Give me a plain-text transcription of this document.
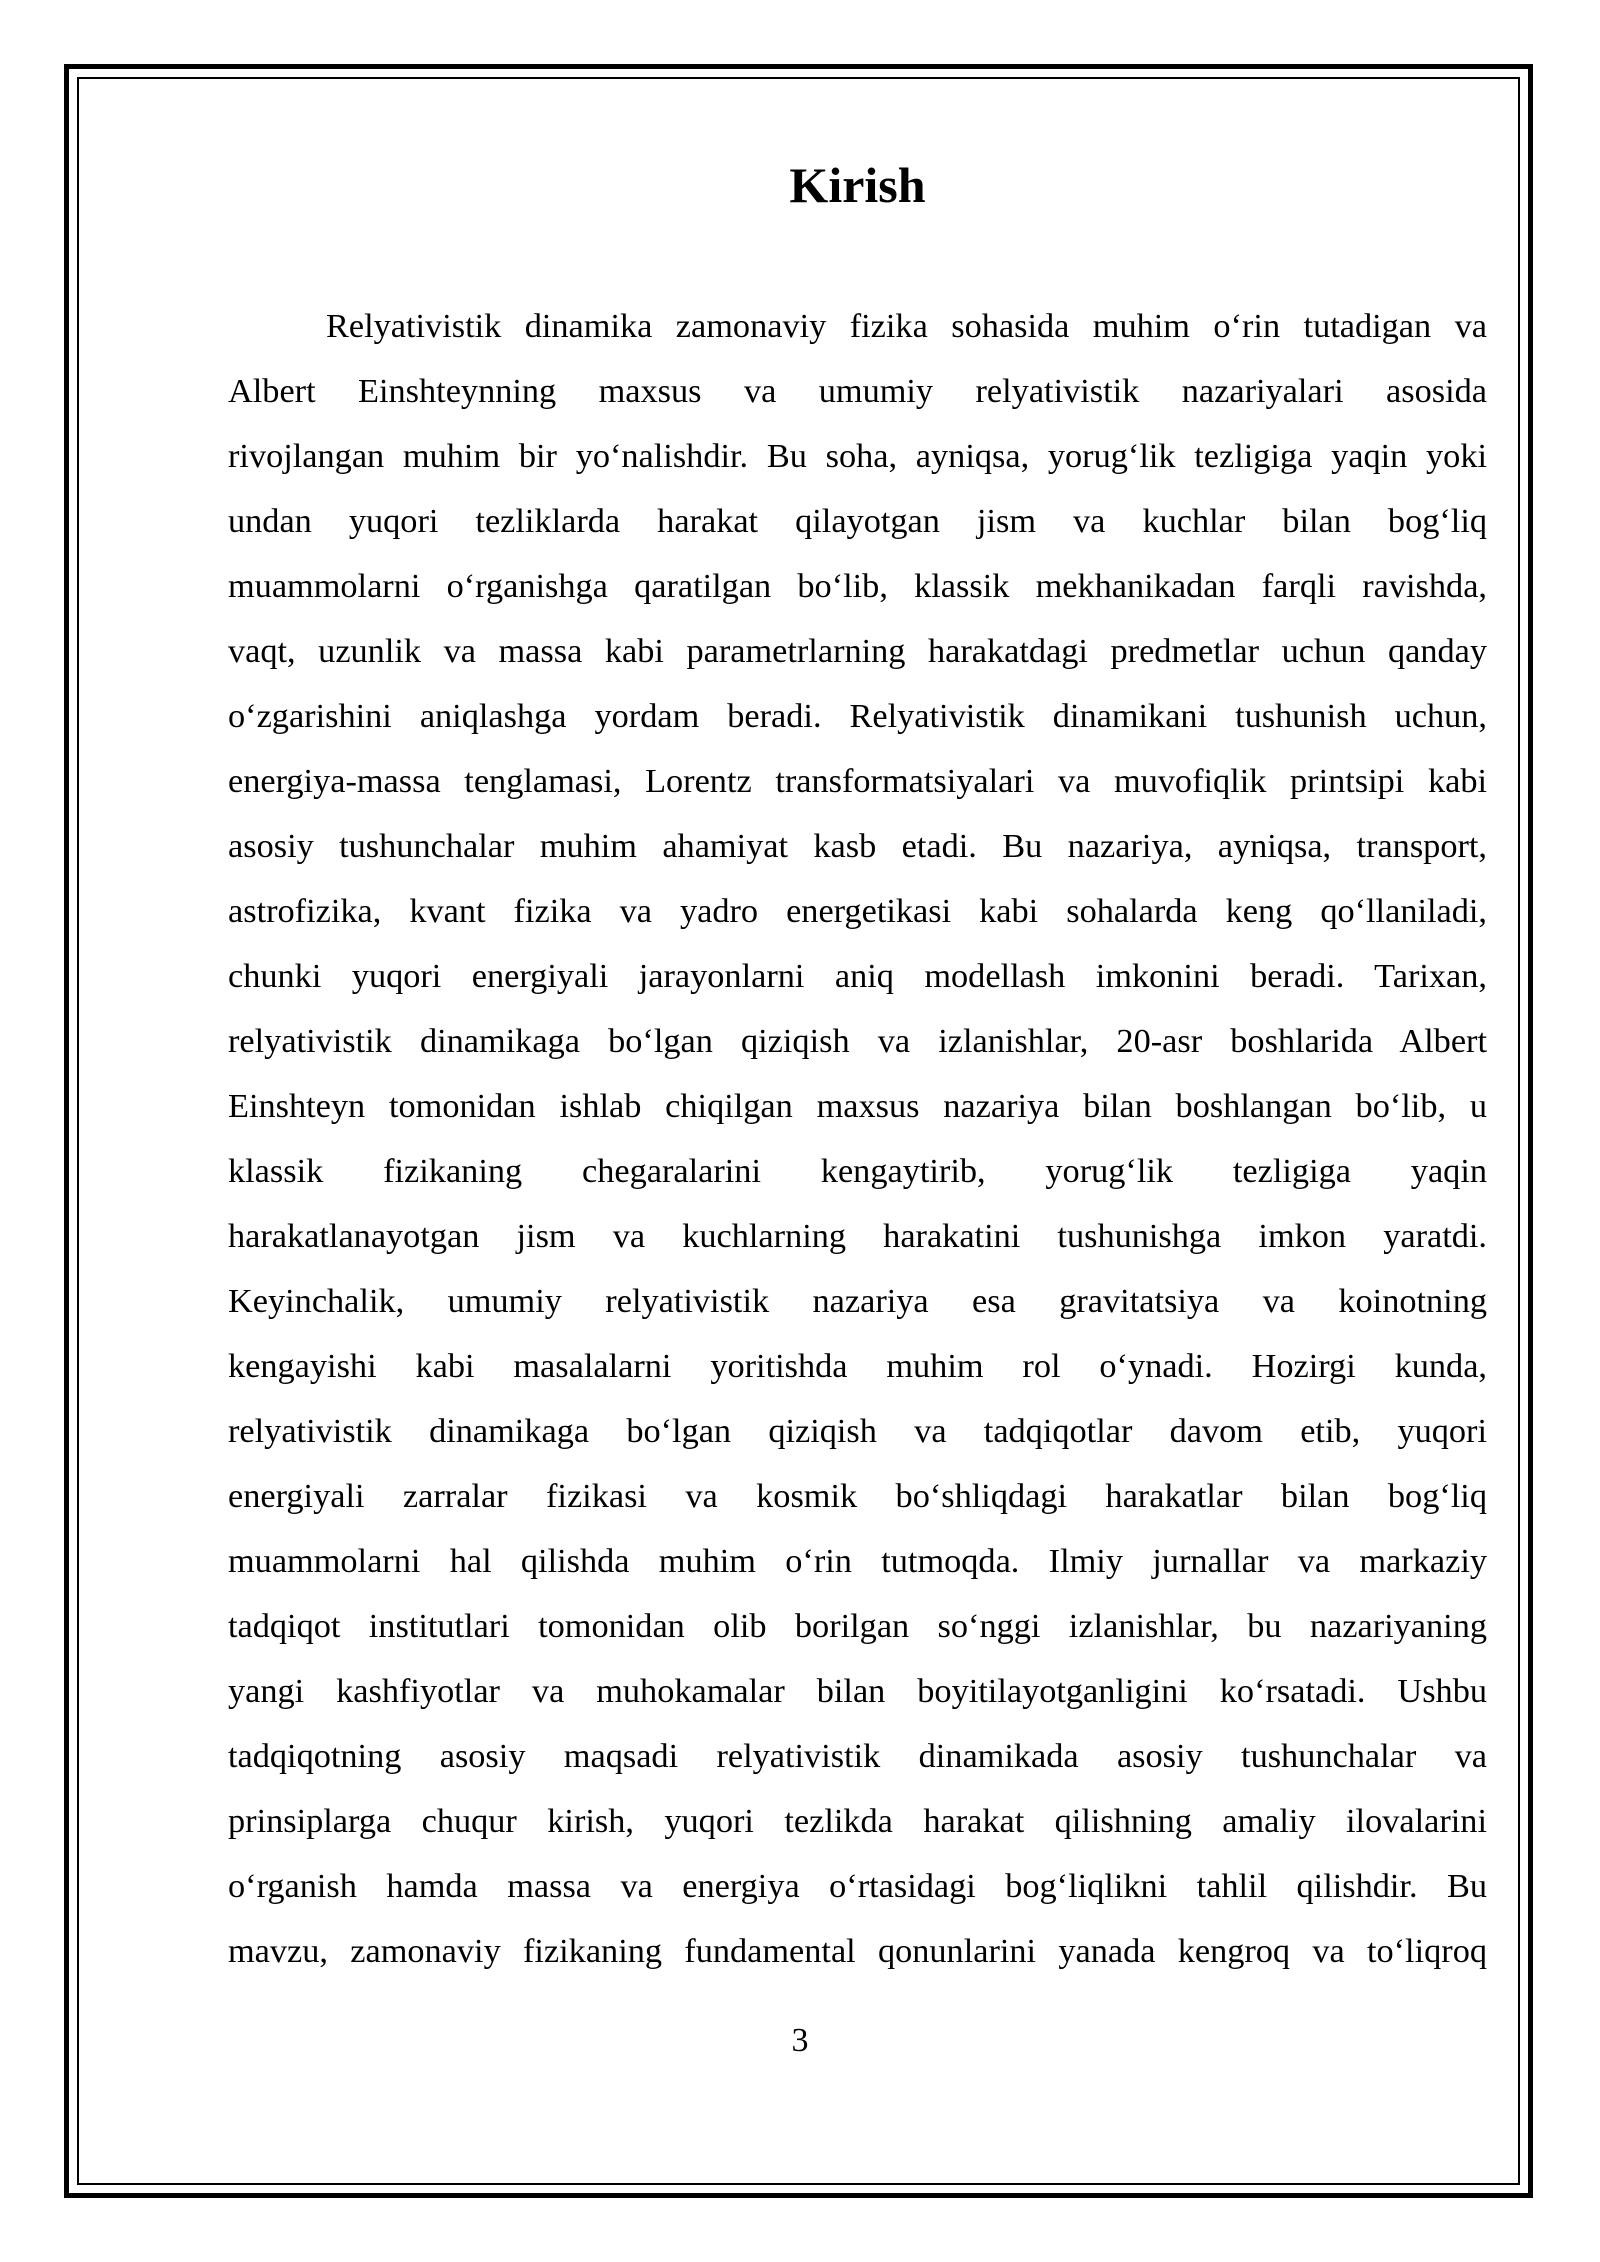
Kirish
Relyativistik dinamika zamonaviy fizika sohasida muhim o‘rin tutadigan va
Albert Einshteynning maxsus va umumiy relyativistik nazariyalari asosida
rivojlangan muhim bir yo‘nalishdir. Bu soha, ayniqsa, yorug‘lik tezligiga yaqin yoki
undan yuqori tezliklarda harakat qilayotgan jism va kuchlar bilan bog‘liq
muammolarni o‘rganishga qaratilgan bo‘lib, klassik mekhanikadan farqli ravishda,
vaqt, uzunlik va massa kabi parametrlarning harakatdagi predmetlar uchun qanday
o‘zgarishini aniqlashga yordam beradi. Relyativistik dinamikani tushunish uchun,
energiya-massa tenglamasi, Lorentz transformatsiyalari va muvofiqlik printsipi kabi
asosiy tushunchalar muhim ahamiyat kasb etadi. Bu nazariya, ayniqsa, transport,
astrofizika, kvant fizika va yadro energetikasi kabi sohalarda keng qo‘llaniladi,
chunki yuqori energiyali jarayonlarni aniq modellash imkonini beradi. Tarixan,
relyativistik dinamikaga bo‘lgan qiziqish va izlanishlar, 20-asr boshlarida Albert
Einshteyn tomonidan ishlab chiqilgan maxsus nazariya bilan boshlangan bo‘lib, u
klassik fizikaning chegaralarini kengaytirib, yorug‘lik tezligiga yaqin
harakatlanayotgan jism va kuchlarning harakatini tushunishga imkon yaratdi.
Keyinchalik, umumiy relyativistik nazariya esa gravitatsiya va koinotning
kengayishi kabi masalalarni yoritishda muhim rol o‘ynadi. Hozirgi kunda,
relyativistik dinamikaga bo‘lgan qiziqish va tadqiqotlar davom etib, yuqori
energiyali zarralar fizikasi va kosmik bo‘shliqdagi harakatlar bilan bog‘liq
muammolarni hal qilishda muhim o‘rin tutmoqda. Ilmiy jurnallar va markaziy
tadqiqot institutlari tomonidan olib borilgan so‘nggi izlanishlar, bu nazariyaning
yangi kashfiyotlar va muhokamalar bilan boyitilayotganligini ko‘rsatadi. Ushbu
tadqiqotning asosiy maqsadi relyativistik dinamikada asosiy tushunchalar va
prinsiplarga chuqur kirish, yuqori tezlikda harakat qilishning amaliy ilovalarini
o‘rganish hamda massa va energiya o‘rtasidagi bog‘liqlikni tahlil qilishdir. Bu
mavzu, zamonaviy fizikaning fundamental qonunlarini yanada kengroq va to‘liqroq

3
